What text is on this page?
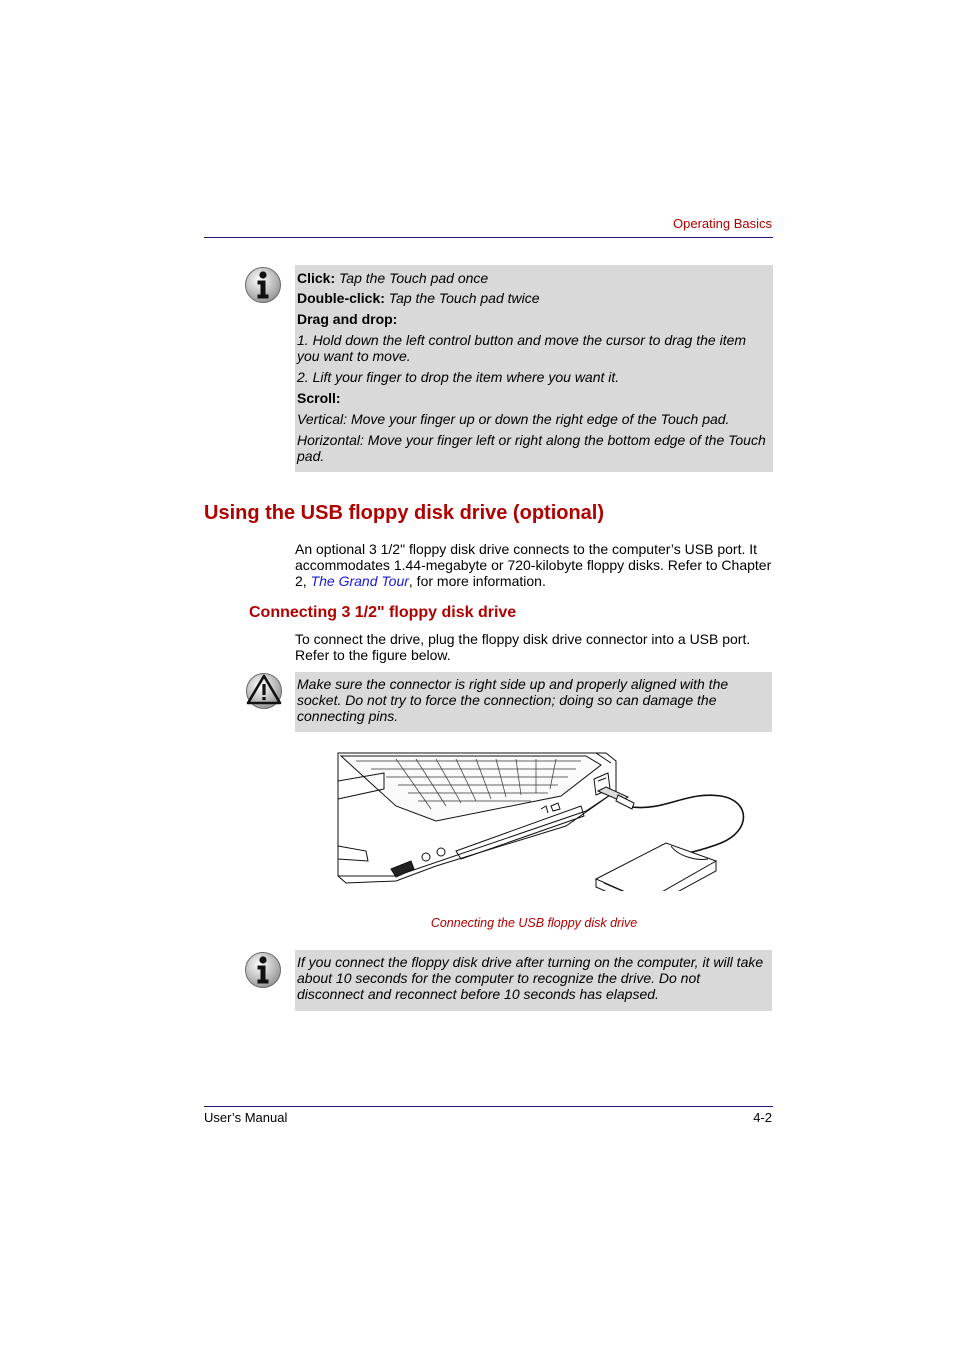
Operating Basics

Click: Tap the Touch pad once

Double-click: Tap the Touch pad twice

Drag and drop:

1. Hold down the left control button and move the cursor to drag the item you want to move.

2. Lift your finger to drop the item where you want it.

Scroll:

Vertical: Move your finger up or down the right edge of the Touch pad.

Horizontal: Move your finger left or right along the bottom edge of the Touch pad.

Using the USB floppy disk drive (optional)
An optional 3 1/2" floppy disk drive connects to the computer’s USB port. It accommodates 1.44-megabyte or 720-kilobyte floppy disks. Refer to Chapter 2, The Grand Tour, for more information.
Connecting 3 1/2" floppy disk drive
To connect the drive, plug the floppy disk drive connector into a USB port. Refer to the figure below.

Make sure the connector is right side up and properly aligned with the socket. Do not try to force the connection; doing so can damage the connecting pins.

Connecting the USB floppy disk drive

If you connect the floppy disk drive after turning on the computer, it will take about 10 seconds for the computer to recognize the drive. Do not disconnect and reconnect before 10 seconds has elapsed.

User’s Manual	4-2
